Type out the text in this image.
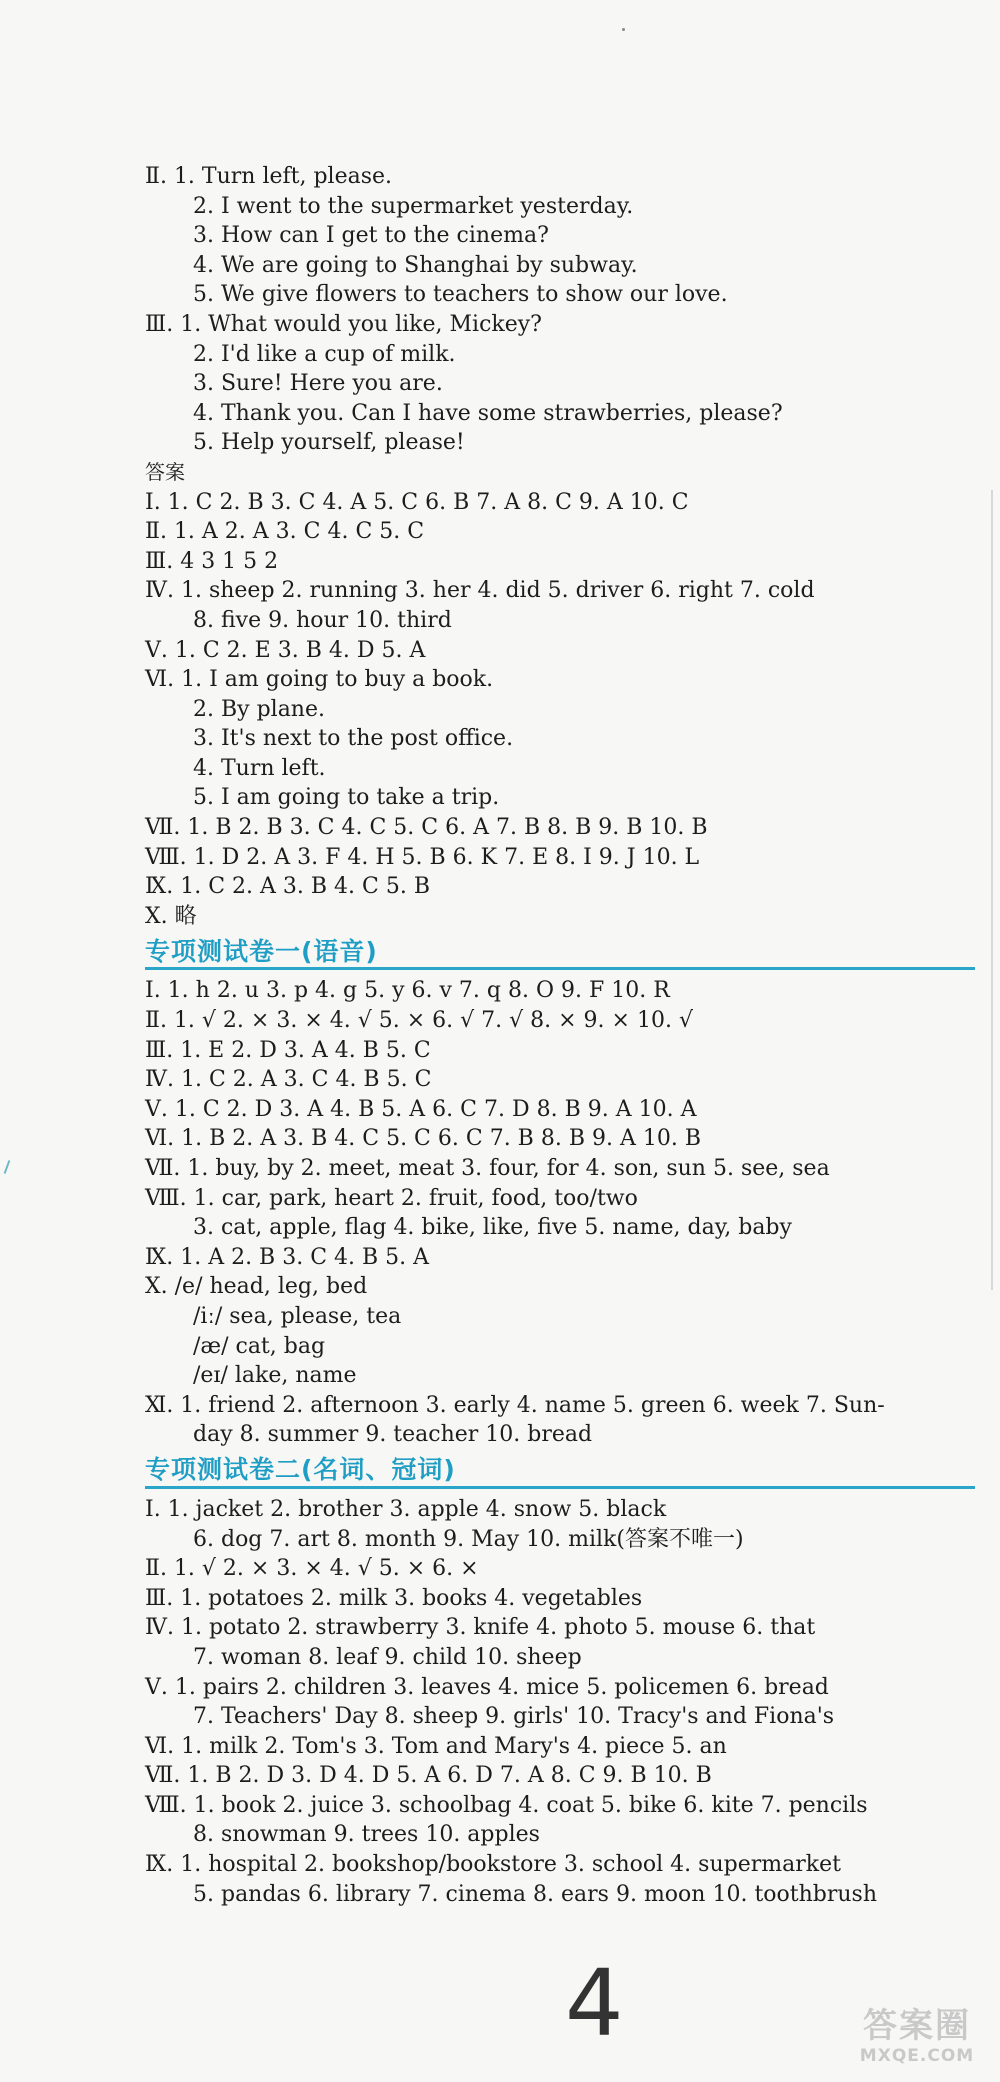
Ⅱ. 1. Turn left, please.
2. I went to the supermarket yesterday.
3. How can I get to the cinema?
4. We are going to Shanghai by subway.
5. We give flowers to teachers to show our love.
Ⅲ. 1. What would you like, Mickey?
2. I'd like a cup of milk.
3. Sure! Here you are.
4. Thank you. Can I have some strawberries, please?
5. Help yourself, please!
答案
Ⅰ. 1. C 2. B 3. C 4. A 5. C 6. B 7. A 8. C 9. A 10. C
Ⅱ. 1. A 2. A 3. C 4. C 5. C
Ⅲ. 4 3 1 5 2
Ⅳ. 1. sheep 2. running 3. her 4. did 5. driver 6. right 7. cold
8. five 9. hour 10. third
Ⅴ. 1. C 2. E 3. B 4. D 5. A
Ⅵ. 1. I am going to buy a book.
2. By plane.
3. It's next to the post office.
4. Turn left.
5. I am going to take a trip.
Ⅶ. 1. B 2. B 3. C 4. C 5. C 6. A 7. B 8. B 9. B 10. B
Ⅷ. 1. D 2. A 3. F 4. H 5. B 6. K 7. E 8. I 9. J 10. L
Ⅸ. 1. C 2. A 3. B 4. C 5. B
Ⅹ. 略
专项测试卷一(语音)
Ⅰ. 1. h 2. u 3. p 4. g 5. y 6. v 7. q 8. O 9. F 10. R
Ⅱ. 1. √ 2. × 3. × 4. √ 5. × 6. √ 7. √ 8. × 9. × 10. √
Ⅲ. 1. E 2. D 3. A 4. B 5. C
Ⅳ. 1. C 2. A 3. C 4. B 5. C
Ⅴ. 1. C 2. D 3. A 4. B 5. A 6. C 7. D 8. B 9. A 10. A
Ⅵ. 1. B 2. A 3. B 4. C 5. C 6. C 7. B 8. B 9. A 10. B
Ⅶ. 1. buy, by 2. meet, meat 3. four, for 4. son, sun 5. see, sea
Ⅷ. 1. car, park, heart 2. fruit, food, too/two
3. cat, apple, flag 4. bike, like, five 5. name, day, baby
Ⅸ. 1. A 2. B 3. C 4. B 5. A
Ⅹ. /e/ head, leg, bed
/iː/ sea, please, tea
/æ/ cat, bag
/eɪ/ lake, name
Ⅺ. 1. friend 2. afternoon 3. early 4. name 5. green 6. week 7. Sun-
day 8. summer 9. teacher 10. bread
专项测试卷二(名词、冠词)
Ⅰ. 1. jacket 2. brother 3. apple 4. snow 5. black
6. dog 7. art 8. month 9. May 10. milk(答案不唯一)
Ⅱ. 1. √ 2. × 3. × 4. √ 5. × 6. ×
Ⅲ. 1. potatoes 2. milk 3. books 4. vegetables
Ⅳ. 1. potato 2. strawberry 3. knife 4. photo 5. mouse 6. that
7. woman 8. leaf 9. child 10. sheep
Ⅴ. 1. pairs 2. children 3. leaves 4. mice 5. policemen 6. bread
7. Teachers' Day 8. sheep 9. girls' 10. Tracy's and Fiona's
Ⅵ. 1. milk 2. Tom's 3. Tom and Mary's 4. piece 5. an
Ⅶ. 1. B 2. D 3. D 4. D 5. A 6. D 7. A 8. C 9. B 10. B
Ⅷ. 1. book 2. juice 3. schoolbag 4. coat 5. bike 6. kite 7. pencils
8. snowman 9. trees 10. apples
Ⅸ. 1. hospital 2. bookshop/bookstore 3. school 4. supermarket
5. pandas 6. library 7. cinema 8. ears 9. moon 10. toothbrush
4	答案圈
MXQE.COM
